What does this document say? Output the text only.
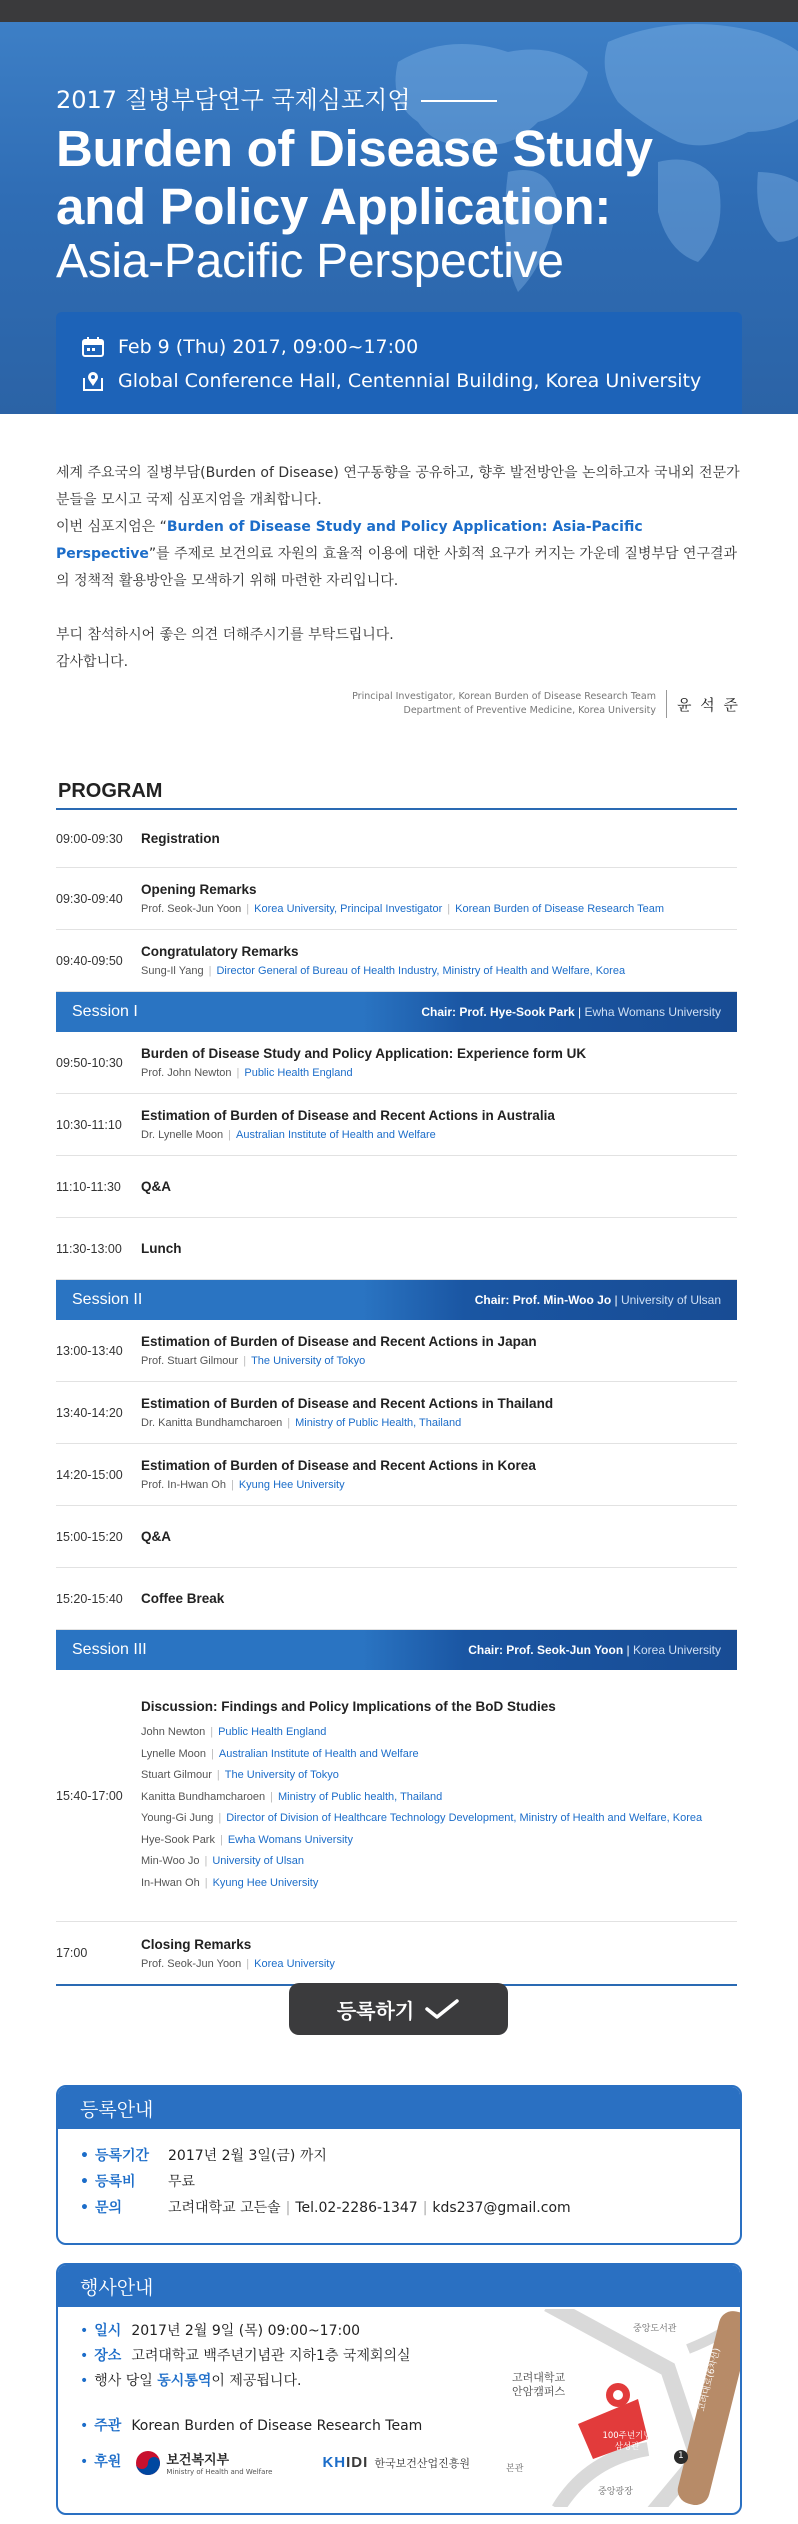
2017 질병부담연구 국제심포지엄
Burden of Disease Study
and Policy Application:
Asia-Pacific Perspective
Feb 9 (Thu) 2017, 09:00~17:00
Global Conference Hall, Centennial Building, Korea University

세계 주요국의 질병부담(Burden of Disease) 연구동향을 공유하고, 향후 발전방안을 논의하고자 국내외 전문가 분들을 모시고 국제 심포지엄을 개최합니다.

이번 심포지엄은 “Burden of Disease Study and Policy Application: Asia-Pacific Perspective”를 주제로 보건의료 자원의 효율적 이용에 대한 사회적 요구가 커지는 가운데 질병부담 연구결과의 정책적 활용방안을 모색하기 위해 마련한 자리입니다.

부디 참석하시어 좋은 의견 더해주시기를 부탁드립니다.

감사합니다.

Principal Investigator, Korean Burden of Disease Research Team
Department of Preventive Medicine, Korea University	윤 석 준
PROGRAM
09:00-09:30	Registration
09:30-09:40
Opening Remarks
Prof. Seok-Jun Yoon | Korea University, Principal Investigator | Korean Burden of Disease Research Team
09:40-09:50
Congratulatory Remarks
Sung-Il Yang | Director General of Bureau of Health Industry, Ministry of Health and Welfare, Korea
Session I	Chair: Prof. Hye-Sook Park | Ewha Womans University
09:50-10:30
Burden of Disease Study and Policy Application: Experience form UK
Prof. John Newton | Public Health England
10:30-11:10
Estimation of Burden of Disease and Recent Actions in Australia
Dr. Lynelle Moon | Australian Institute of Health and Welfare
11:10-11:30	Q&A
11:30-13:00	Lunch
Session II	Chair: Prof. Min-Woo Jo | University of Ulsan
13:00-13:40
Estimation of Burden of Disease and Recent Actions in Japan
Prof. Stuart Gilmour | The University of Tokyo
13:40-14:20
Estimation of Burden of Disease and Recent Actions in Thailand
Dr. Kanitta Bundhamcharoen | Ministry of Public Health, Thailand
14:20-15:00
Estimation of Burden of Disease and Recent Actions in Korea
Prof. In-Hwan Oh | Kyung Hee University
15:00-15:20	Q&A
15:20-15:40	Coffee Break
Session III	Chair: Prof. Seok-Jun Yoon | Korea University
15:40-17:00
Discussion: Findings and Policy Implications of the BoD Studies
John Newton | Public Health England
Lynelle Moon | Australian Institute of Health and Welfare
Stuart Gilmour | The University of Tokyo
Kanitta Bundhamcharoen | Ministry of Public health, Thailand
Young-Gi Jung | Director of Division of Healthcare Technology Development, Ministry of Health and Welfare, Korea
Hye-Sook Park | Ewha Womans University
Min-Woo Jo | University of Ulsan
In-Hwan Oh | Kyung Hee University
17:00
Closing Remarks
Prof. Seok-Jun Yoon | Korea University
등록하기
등록안내
• 등록기간	2017년 2월 3일(금) 까지
• 등록비	무료
• 문의	고려대학교 고든솔 | Tel.02-2286-1347 | kds237@gmail.com
행사안내
• 일시 2017년 2월 9일 (목) 09:00~17:00
• 장소 고려대학교 백주년기념관 지하1층 국제회의실
• 행사 당일 동시통역이 제공됩니다.
• 주관 Korean Burden of Disease Research Team
• 후원	보건복지부
Ministry of Health and Welfare
KHIDI 한국보건산업진흥원
중앙도서관
고려대학교
안암캠퍼스
100주년기념
삼성관
본관
중앙광장
고려대로(6차선)
1
